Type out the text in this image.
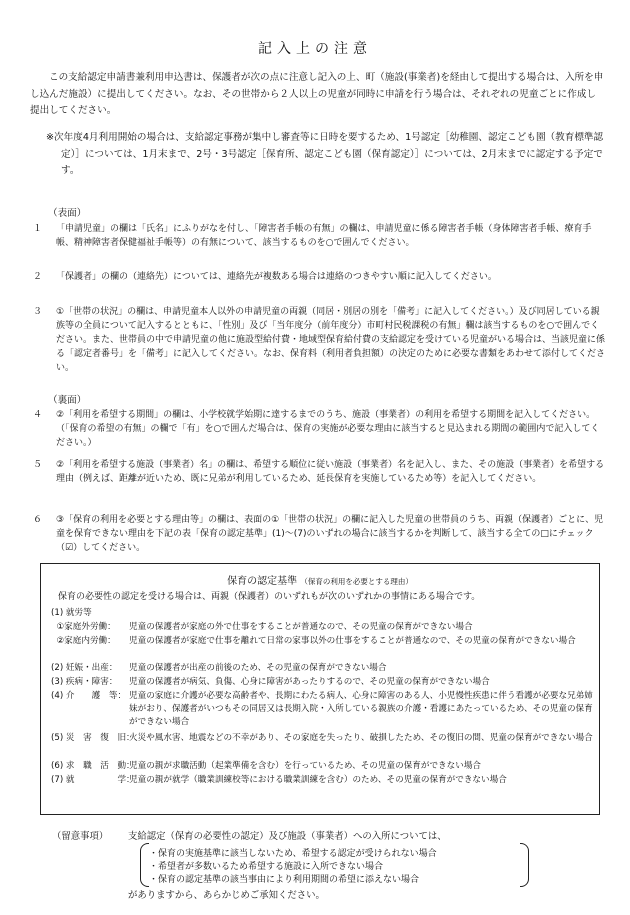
記入上の注意
この支給認定申請書兼利用申込書は、保護者が次の点に注意し記入の上、町（施設(事業者)を経由して提出する場合は、入所を申し込んだ施設）に提出してください。なお、その世帯から２人以上の児童が同時に申請を行う場合は、それぞれの児童ごとに作成し提出してください。
※次年度4月利用開始の場合は、支給認定事務が集中し審査等に日時を要するため、1号認定［幼稚園、認定こども園（教育標準認定）］については、1月末まで、2号・3号認定［保育所、認定こども園（保育認定）］については、2月末までに認定する予定です。
（表面）
１ 「申請児童」の欄は「氏名」にふりがなを付し、「障害者手帳の有無」の欄は、申請児童に係る障害者手帳（身体障害者手帳、療育手帳、精神障害者保健福祉手帳等）の有無について、該当するものを○で囲んでください。
２ 「保護者」の欄の（連絡先）については、連絡先が複数ある場合は連絡のつきやすい順に記入してください。
３ ①「世帯の状況」の欄は、申請児童本人以外の申請児童の両親（同居・別居の別を「備考」に記入してください。）及び同居している親族等の全員について記入するとともに、「性別」及び「当年度分（前年度分）市町村民税課税の有無」欄は該当するものを○で囲んでください。また、世帯員の中で申請児童の他に施設型給付費・地域型保育給付費の支給認定を受けている児童がいる場合は、当該児童に係る「認定者番号」を「備考」に記入してください。なお、保育料（利用者負担額）の決定のために必要な書類をあわせて添付してください。
（裏面）
４ ②「利用を希望する期間」の欄は、小学校就学始期に達するまでのうち、施設（事業者）の利用を希望する期間を記入してください。（「保育の希望の有無」の欄で「有」を○で囲んだ場合は、保育の実施が必要な理由に該当すると見込まれる期間の範囲内で記入してください。）
５ ②「利用を希望する施設（事業者）名」の欄は、希望する順位に従い施設（事業者）名を記入し、また、その施設（事業者）を希望する理由（例えば、距離が近いため、既に兄弟が利用しているため、延長保育を実施しているため等）を記入してください。
６ ③「保育の利用を必要とする理由等」の欄は、表面の①「世帯の状況」の欄に記入した児童の世帯員のうち、両親（保護者）ごとに、児童を保育できない理由を下記の表「保育の認定基準」(1)～(7)のいずれの場合に該当するかを判断して、該当する全ての□にチェック（☑）してください。
保育の認定基準 （保育の利用を必要とする理由）
保育の必要性の認定を受ける場合は、両親（保護者）のいずれもが次のいずれかの事情にある場合です。
(1) 就労等
①家庭外労働： 児童の保護者が家庭の外で仕事をすることが普通なので、その児童の保育ができない場合
②家庭内労働： 児童の保護者が家庭で仕事を離れて日常の家事以外の仕事をすることが普通なので、その児童の保育ができない場合
(2) 妊娠・出産： 児童の保護者が出産の前後のため、その児童の保育ができない場合
(3) 疾病・障害： 児童の保護者が病気、負傷、心身に障害があったりするので、その児童の保育ができない場合
(4) 介　　護　等： 児童の家庭に介護が必要な高齢者や、長期にわたる病人、心身に障害のある人、小児慢性疾患に伴う看護が必要な兄弟姉妹がおり、保護者がいつもその同居又は長期入院・入所している親族の介護・看護にあたっているため、その児童の保育ができない場合
(5) 災　害　復　旧：
火災や風水害、地震などの不幸があり、その家庭を失ったり、破損したため、その復旧の間、児童の保育ができない場合
(6) 求　職　活　動：
児童の親が求職活動（起業準備を含む）を行っているため、その児童の保育ができない場合
(7) 就　　　　　学：
児童の親が就学（職業訓練校等における職業訓練を含む）のため、その児童の保育ができない場合
（留意事項） 支給認定（保育の必要性の認定）及び施設（事業者）への入所については、
・保育の実施基準に該当しないため、希望する認定が受けられない場合
・希望者が多数いるため希望する施設に入所できない場合
・保育の認定基準の該当事由により利用期間の希望に添えない場合
がありますから、あらかじめご承知ください。
